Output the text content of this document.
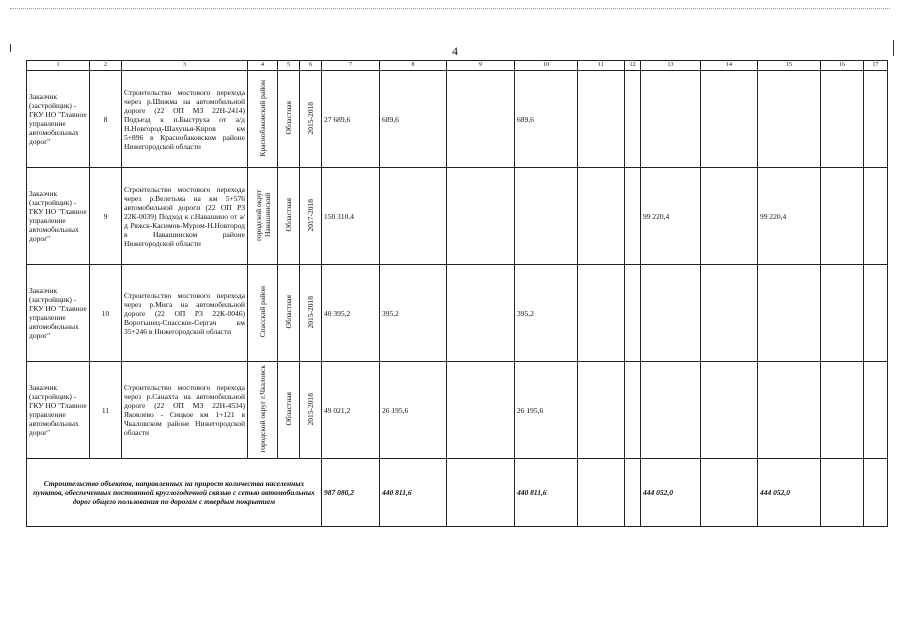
4
1	2	3	4	5	6	7	8	9	10	11	12	13	14	15	16	17
Заказчик (застройщик) - ГКУ НО "Главное управление автомобильных дорог"	8	Строительство мостового перехода через р.Шижма на автомобильной дороге (22 ОП МЗ 22Н-2414) Подъезд к п.Быструха от а/д Н.Новгород-Шахунья-Киров км 5+896 в Краснобаковском районе Нижегородской области	Краснобаковский район	Областная	2015-2018	27 689,6	689,6		689,6							
Заказчик (застройщик) - ГКУ НО "Главное управление автомобильных дорог"	9	Строительство мостового перехода через р.Велетьма на км 5+576 автомобильной дороги (22 ОП РЗ 22К-0039) Подход к г.Навашино от а/д Ряжск-Касимов-Муром-Н.Новгород в Навашинском районе Нижегородской области	городской округ Навашинский	Областная	2017-2018	150 310,4						99 220,4		99 220,4		
Заказчик (застройщик) - ГКУ НО "Главное управление автомобильных дорог"	10	Строительство мостового перехода через р.Мига на автомобильной дороге (22 ОП РЗ 22К-0046) Воротынец-Спасское-Сергач км 35+246 в Нижегородской области	Спасский район	Областная	2015-2018	40 395,2	395,2		395,2							
Заказчик (застройщик) - ГКУ НО "Главное управление автомобильных дорог"	11	Строительство мостового перехода через р.Санахта на автомобильной дороге (22 ОП МЗ 22Н-4534) Яковлево - Сицкое км 1+121 в Чкаловском районе Нижегородской области	городской округ г.Чкаловск	Областная	2015-2018	49 021,2	26 195,6		26 195,6							
Строительство объектов, направленных на прирост количества населенных пунктов, обеспеченных постоянной круглогодичной связью с сетью автомобильных дорог общего пользования по дорогам с твердым покрытием						987 080,2	440 811,6		440 811,6			444 052,0		444 052,0		
